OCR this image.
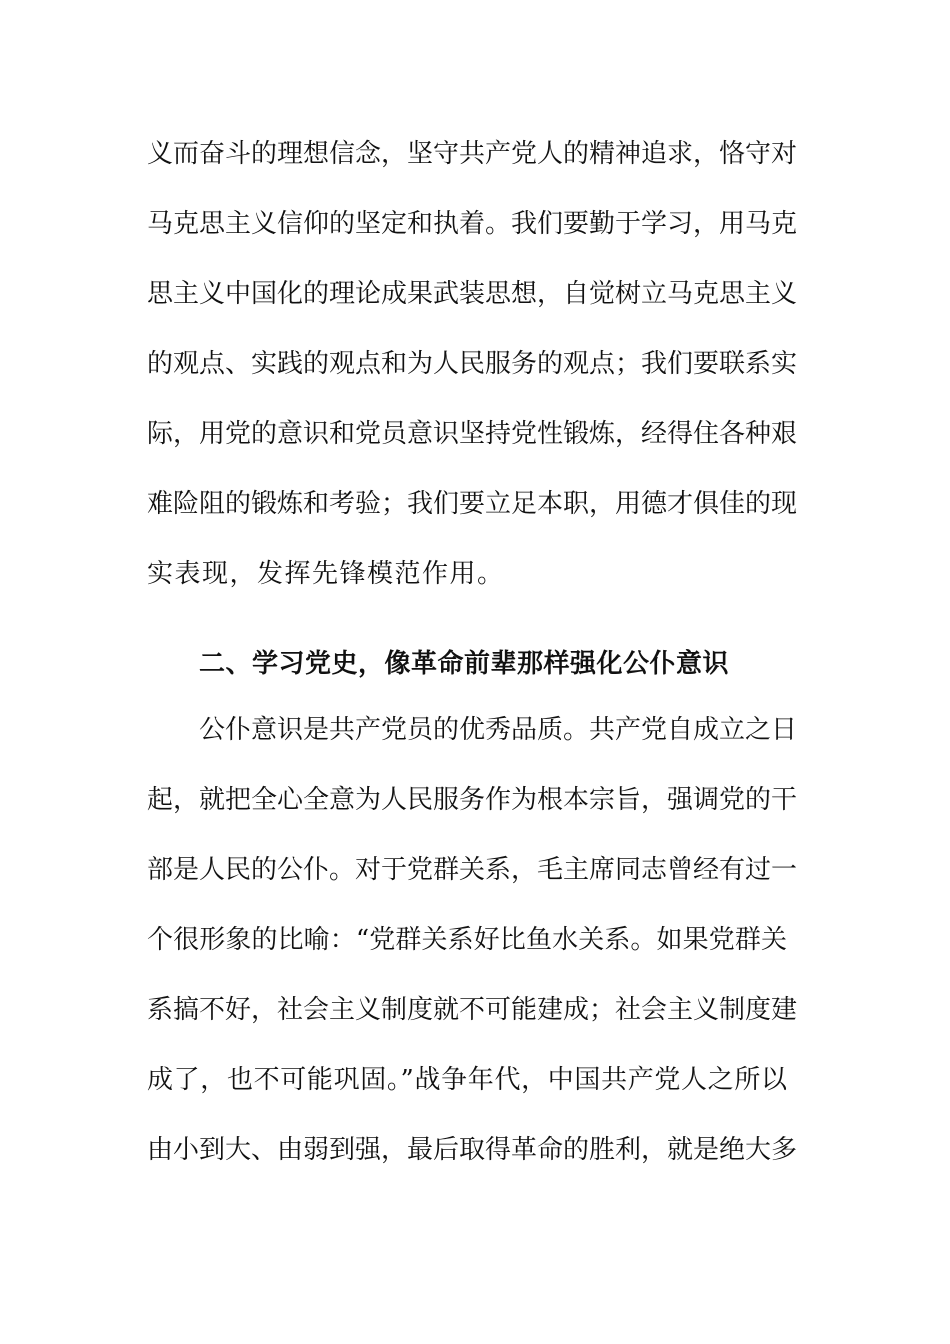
义而奋斗的理想信念，坚守共产党人的精神追求，恪守对
马克思主义信仰的坚定和执着。我们要勤于学习，用马克
思主义中国化的理论成果武装思想，自觉树立马克思主义
的观点、实践的观点和为人民服务的观点；我们要联系实
际，用党的意识和党员意识坚持党性锻炼，经得住各种艰
难险阻的锻炼和考验；我们要立足本职，用德才俱佳的现
实表现，发挥先锋模范作用。
二、学习党史，像革命前辈那样强化公仆意识
公仆意识是共产党员的优秀品质。共产党自成立之日
起，就把全心全意为人民服务作为根本宗旨，强调党的干
部是人民的公仆。对于党群关系，毛主席同志曾经有过一
个很形象的比喻：“党群关系好比鱼水关系。如果党群关
系搞不好，社会主义制度就不可能建成；社会主义制度建
成了，也不可能巩固。”战争年代，中国共产党人之所以
由小到大、由弱到强，最后取得革命的胜利，就是绝大多
